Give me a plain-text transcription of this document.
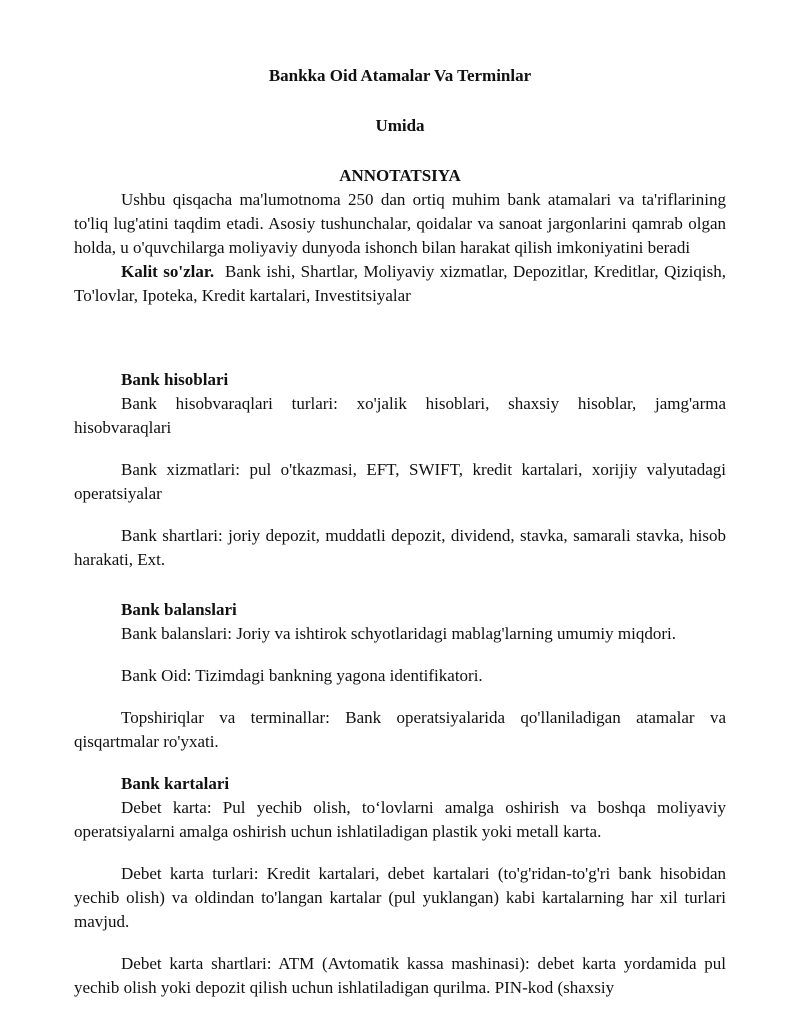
Bankka Oid Atamalar Va Terminlar
Umida
ANNOTATSIYA

Ushbu qisqacha ma'lumotnoma 250 dan ortiq muhim bank atamalari va ta'riflarining to'liq lug'atini taqdim etadi. Asosiy tushunchalar, qoidalar va sanoat jargonlarini qamrab olgan holda, u o'quvchilarga moliyaviy dunyoda ishonch bilan harakat qilish imkoniyatini beradi

Kalit so'zlar. Bank ishi, Shartlar, Moliyaviy xizmatlar, Depozitlar, Kreditlar, Qiziqish, To'lovlar, Ipoteka, Kredit kartalari, Investitsiyalar

Bank hisoblari

Bank hisobvaraqlari turlari: xo'jalik hisoblari, shaxsiy hisoblar, jamg'arma hisobvaraqlari

Bank xizmatlari: pul o'tkazmasi, EFT, SWIFT, kredit kartalari, xorijiy valyutadagi operatsiyalar

Bank shartlari: joriy depozit, muddatli depozit, dividend, stavka, samarali stavka, hisob harakati, Ext.

Bank balanslari

Bank balanslari: Joriy va ishtirok schyotlaridagi mablag'larning umumiy miqdori.

Bank Oid: Tizimdagi bankning yagona identifikatori.

Topshiriqlar va terminallar: Bank operatsiyalarida qo'llaniladigan atamalar va qisqartmalar ro'yxati.

Bank kartalari

Debet karta: Pul yechib olish, to‘lovlarni amalga oshirish va boshqa moliyaviy operatsiyalarni amalga oshirish uchun ishlatiladigan plastik yoki metall karta.

Debet karta turlari: Kredit kartalari, debet kartalari (to'g'ridan-to'g'ri bank hisobidan yechib olish) va oldindan to'langan kartalar (pul yuklangan) kabi kartalarning har xil turlari mavjud.

Debet karta shartlari: ATM (Avtomatik kassa mashinasi): debet karta yordamida pul yechib olish yoki depozit qilish uchun ishlatiladigan qurilma. PIN-kod (shaxsiy
